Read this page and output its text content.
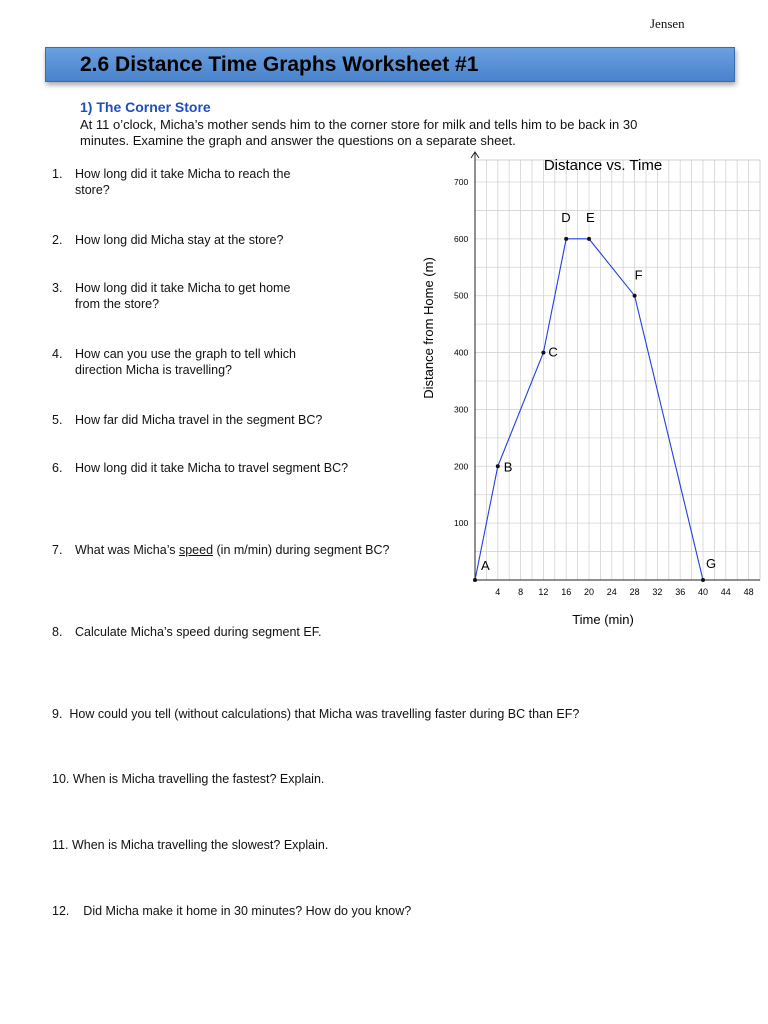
Jensen
2.6 Distance Time Graphs Worksheet #1
1) The Corner Store
At 11 o’clock, Micha’s mother sends him to the corner store for milk and tells him to be back in 30
minutes. Examine the graph and answer the questions on a separate sheet.
1. How long did it take Micha to reach the
store?
2. How long did Micha stay at the store?
3. How long did it take Micha to get home
from the store?
4. How can you use the graph to tell which
direction Micha is travelling?
5. How far did Micha travel in the segment BC?
6. How long did it take Micha to travel segment BC?
7. What was Micha’s speed (in m/min) during segment BC?
8. Calculate Micha’s speed during segment EF.
9. How could you tell (without calculations) that Micha was travelling faster during BC than EF?
10. When is Micha travelling the fastest? Explain.
11. When is Micha travelling the slowest? Explain.
12. Did Micha make it home in 30 minutes? How do you know?
4 8 12 16 20 24 28 32 36 40 44 48
100
200
300
400
500
600
700
A
B
C
D E
F
G
Distance vs. Time
Time (min)
Distance from Home (m)
